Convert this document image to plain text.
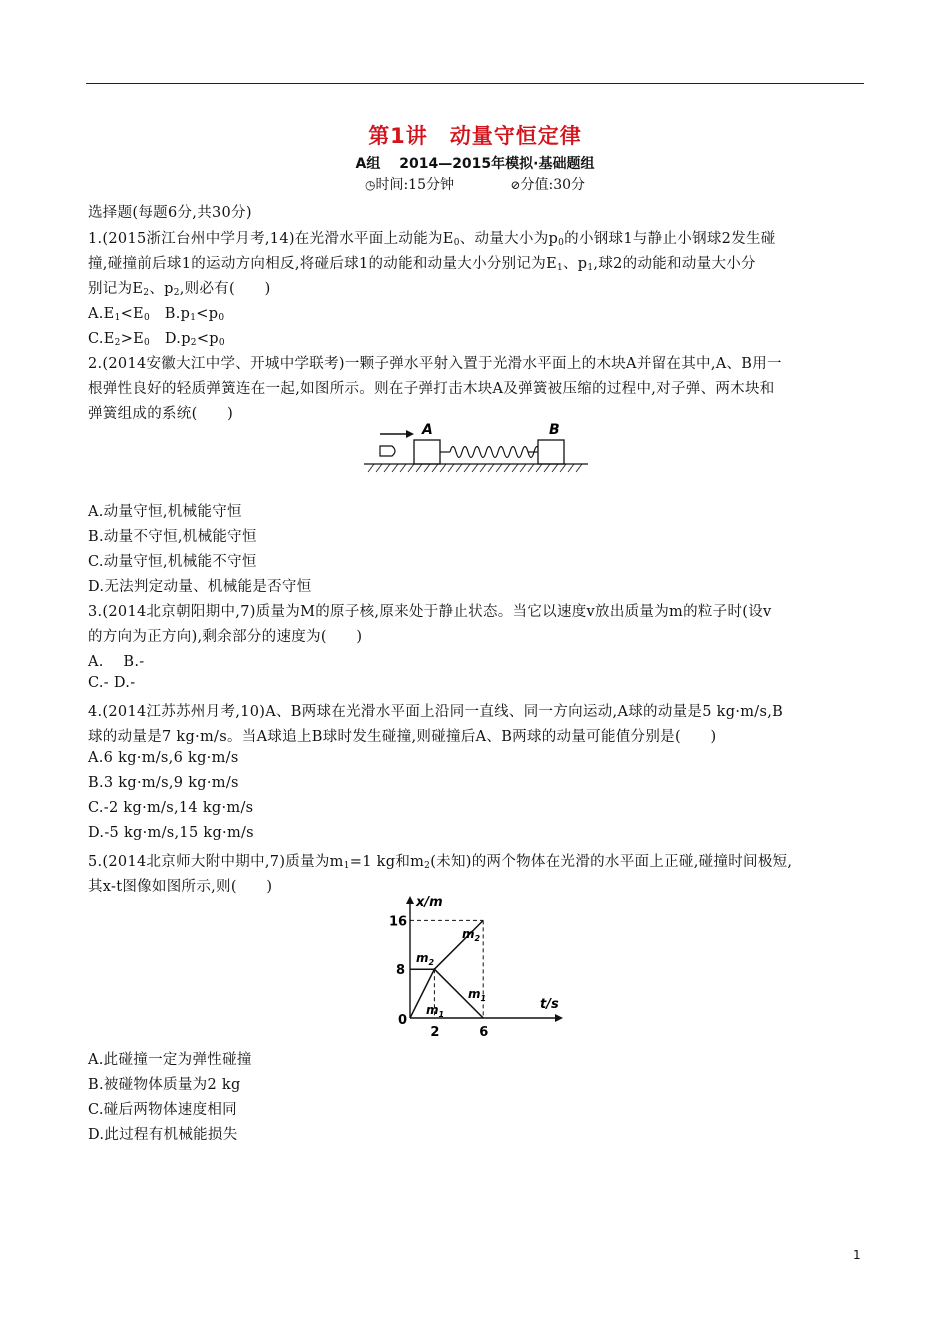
第1讲　动量守恒定律
A组　 2014—2015年模拟·基础题组
◷时间:15分钟	⊘分值:30分
选择题(每题6分,共30分)
1.(2015浙江台州中学月考,14)在光滑水平面上动能为$E_0$、动量大小为$p_0$的小钢球1与静止小钢球2发生碰
撞,碰撞前后球1的运动方向相反,将碰后球1的动能和动量大小分别记为$E_1$、$p_1$,球2的动能和动量大小分
别记为$E_2$、$p_2$,则必有(　　)
$A.E_1<E_0$　$B.p_1<p_0$
$C.E_2>E_0$　$D.p_2<p_0$
2.(2014安徽大江中学、开城中学联考)一颗子弹水平射入置于光滑水平面上的木块A并留在其中,A、B用一
根弹性良好的轻质弹簧连在一起,如图所示。则在子弹打击木块A及弹簧被压缩的过程中,对子弹、两木块和
弹簧组成的系统(　　)
A	B
A.动量守恒,机械能守恒
B.动量不守恒,机械能守恒
C.动量守恒,机械能不守恒
D.无法判定动量、机械能是否守恒
3.(2014北京朝阳期中,7)质量为M的原子核,原来处于静止状态。当它以速度v放出质量为m的粒子时(设v
的方向为正方向),剩余部分的速度为(　　)
A.　 B.-
C.- D.-
4.(2014江苏苏州月考,10)A、B两球在光滑水平面上沿同一直线、同一方向运动,A球的动量是5 kg·m/s,B
球的动量是7 kg·m/s。当A球追上B球时发生碰撞,则碰撞后A、B两球的动量可能值分别是(　　)
A.6 kg·m/s,6 kg·m/s
B.3 kg·m/s,9 kg·m/s
C.-2 kg·m/s,14 kg·m/s
D.-5 kg·m/s,15 kg·m/s
5.(2014北京师大附中期中,7)质量为$m_1=1$ kg和$m_2$(未知)的两个物体在光滑的水平面上正碰,碰撞时间极短,
其x-t图像如图所示,则(　　)
x/m
t/s
0
2	6
8
16
$m_1$
$m_1$
$m_2$
$m_2$
A.此碰撞一定为弹性碰撞
B.被碰物体质量为2 kg
C.碰后两物体速度相同
D.此过程有机械能损失
1
